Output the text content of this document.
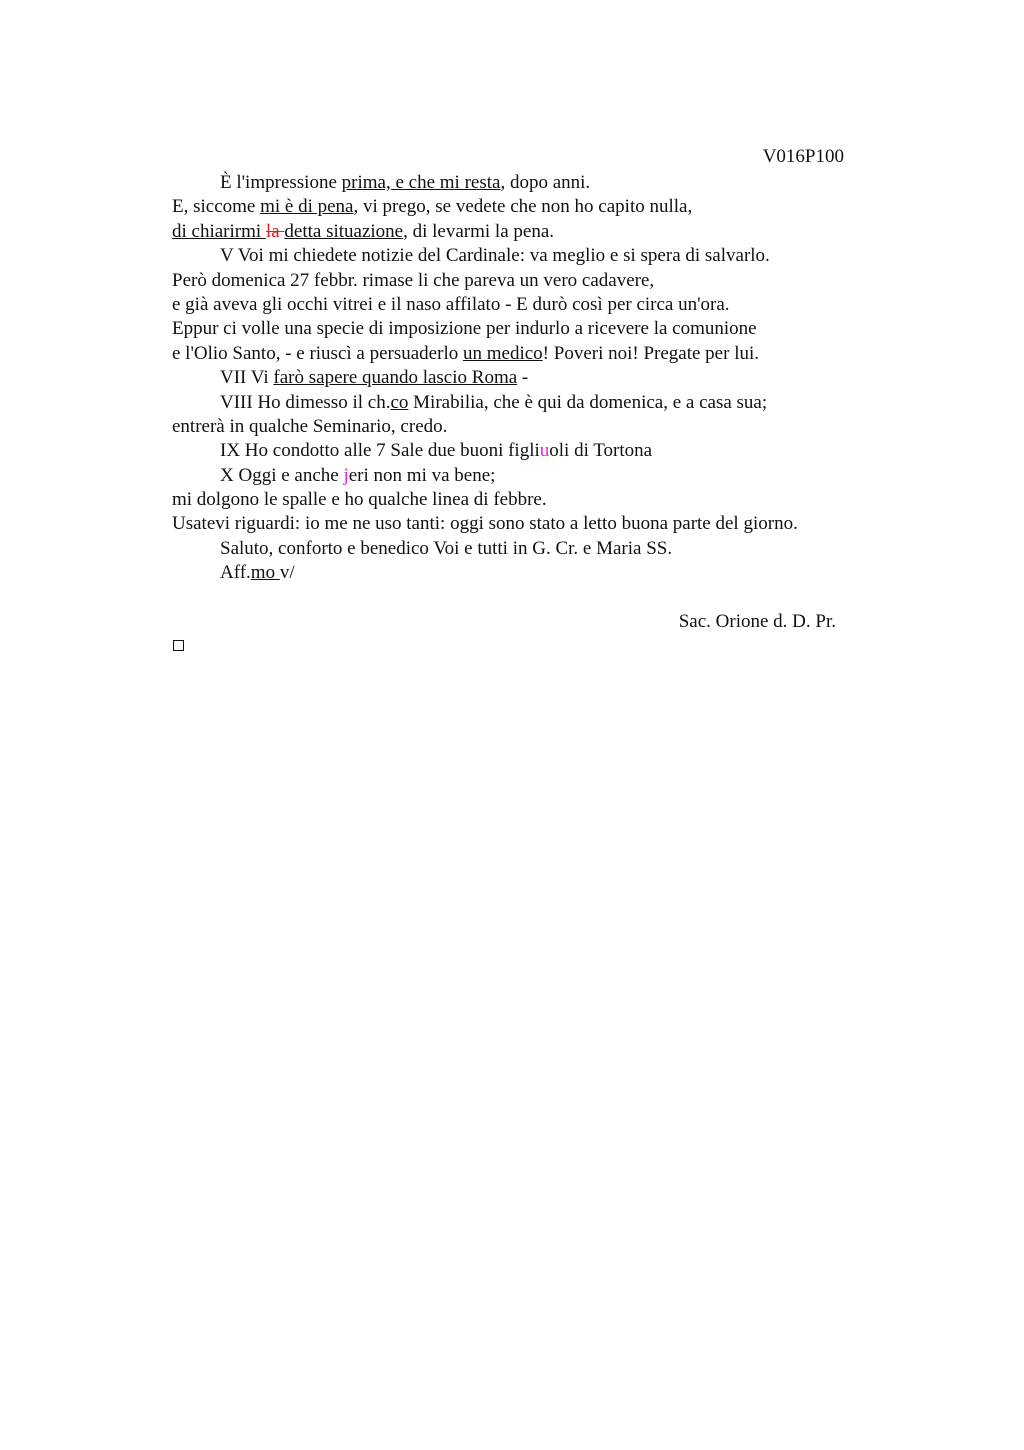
V016P100
È l'impressione prima, e che mi resta, dopo anni.
E, siccome mi è di pena, vi prego, se vedete che non ho capito nulla,
di chiarirmi la detta situazione, di levarmi la pena.
V Voi mi chiedete notizie del Cardinale: va meglio e si spera di salvarlo.
Però domenica 27 febbr. rimase li che pareva un vero cadavere,
e già aveva gli occhi vitrei e il naso affilato - E durò così per circa un'ora.
Eppur ci volle una specie di imposizione per indurlo a ricevere la comunione
e l'Olio Santo, - e riuscì a persuaderlo un medico! Poveri noi! Pregate per lui.
VII Vi farò sapere quando lascio Roma -
VIII Ho dimesso il ch.co Mirabilia, che è qui da domenica, e a casa sua;
entrerà in qualche Seminario, credo.
IX Ho condotto alle 7 Sale due buoni figliuoli di Tortona
X Oggi e anche jeri non mi va bene;
mi dolgono le spalle e ho qualche linea di febbre.
Usatevi riguardi: io me ne uso tanti: oggi sono stato a letto buona parte del giorno.
Saluto, conforto e benedico Voi e tutti in G. Cr. e Maria SS.
Aff.mo v/
Sac. Orione d. D. Pr.
